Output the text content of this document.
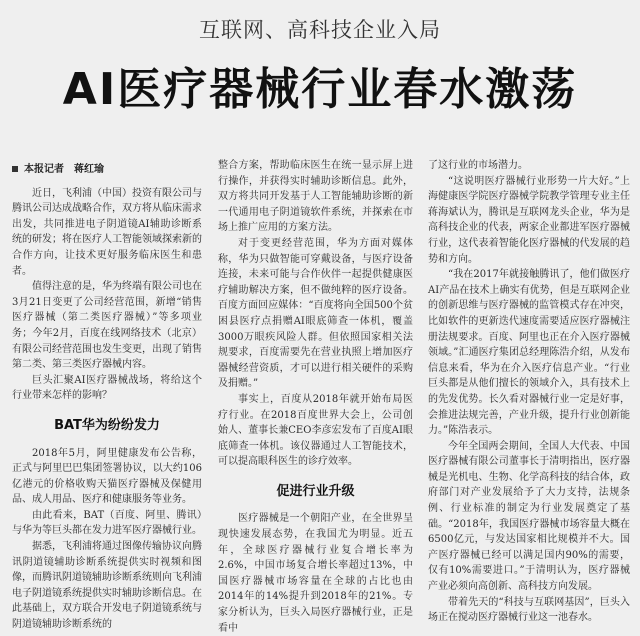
互联网、高科技企业入局
AI医疗器械行业春水激荡
本报记者　蒋红瑜

近日，飞利浦（中国）投资有限公司与腾讯公司达成战略合作，双方将从临床需求出发，共同推进电子阴道镜AI辅助诊断系统的研发；将在医疗人工智能领域探索新的合作方向，让技术更好服务临床医生和患者。

值得注意的是，华为终端有限公司也在3月21日变更了公司经营范围，新增“销售医疗器械（第二类医疗器械）”等多项业务；今年2月，百度在线网络技术（北京）有限公司经营范围也发生变更，出现了销售第二类、第三类医疗器械内容。

巨头汇聚AI医疗器械战场，将给这个行业带来怎样的影响？

BAT华为纷纷发力

2018年5月，阿里健康发布公告称，正式与阿里巴巴集团签署协议，以大约106亿港元的价格收购天猫医疗器械及保健用品、成人用品、医疗和健康服务等业务。

由此看来，BAT（百度、阿里、腾讯）与华为等巨头都在发力进军医疗器械行业。

据悉，飞利浦将通过图像传输协议向腾讯阴道镜辅助诊断系统提供实时视频和图像，而腾讯阴道镜辅助诊断系统则向飞利浦电子阴道镜系统提供实时辅助诊断信息。在此基础上，双方联合开发电子阴道镜系统与阴道镜辅助诊断系统的

整合方案，帮助临床医生在统一显示屏上进行操作，并获得实时辅助诊断信息。此外，双方将共同开发基于人工智能辅助诊断的新一代通用电子阴道镜软件系统，并探索在市场上推广应用的方案方法。

对于变更经营范围，华为方面对媒体称，华为只做智能可穿戴设备，与医疗设备连接，未来可能与合作伙伴一起提供健康医疗辅助解决方案，但不做纯粹的医疗设备。百度方面回应媒体：“百度将向全国500个贫困县医疗点捐赠AI眼底筛查一体机，覆盖3000万眼疾风险人群。但依照国家相关法规要求，百度需要先在营业执照上增加医疗器械经营资质，才可以进行相关硬件的采购及捐赠。”

事实上，百度从2018年就开始布局医疗行业。在2018百度世界大会上，公司创始人、董事长兼CEO李彦宏发布了百度AI眼底筛查一体机。该仪器通过人工智能技术，可以提高眼科医生的诊疗效率。

促进行业升级

医疗器械是一个朝阳产业，在全世界呈现快速发展态势，在我国尤为明显。近五年，全球医疗器械行业复合增长率为2.6%，中国市场复合增长率超过13%，中国医疗器械市场容量在全球的占比也由2014年的14%提升到2018年的21%。专家分析认为，巨头入局医疗器械行业，正是看中

了这行业的市场潜力。

“这说明医疗器械行业形势一片大好。”上海健康医学院医疗器械学院教学管理专业主任蒋海斌认为，腾讯是互联网龙头企业，华为是高科技企业的代表，两家企业都进军医疗器械行业，这代表着智能化医疗器械的代发展的趋势和方向。

“我在2017年就接触腾讯了，他们做医疗AI产品在技术上确实有优势，但是互联网企业的创新思维与医疗器械的监管模式存在冲突，比如软件的更新迭代速度需要适应医疗器械注册法规要求。百度、阿里也正在介入医疗器械领域。”汇通医疗集团总经理陈浩介绍，从发布信息来看，华为在介入医疗信息产业。“行业巨头都是从他们擅长的领域介入，具有技术上的先发优势。长久看对器械行业一定是好事，会推进法规完善，产业升级，提升行业创新能力。”陈浩表示。

今年全国两会期间，全国人大代表、中国医疗器械有限公司董事长于清明指出，医疗器械是光机电、生物、化学高科技的结合体，政府部门对产业发展给予了大力支持，法规条例、行业标准的制定为行业发展奠定了基础。“2018年，我国医疗器械市场容量大概在6500亿元，与发达国家相比规模并不大。国产医疗器械已经可以满足国内90%的需要，仅有10%需要进口。”于清明认为，医疗器械产业必须向高创新、高科技方向发展。

带着先天的“科技与互联网基因”，巨头入场正在搅动医疗器械行业这一池春水。
